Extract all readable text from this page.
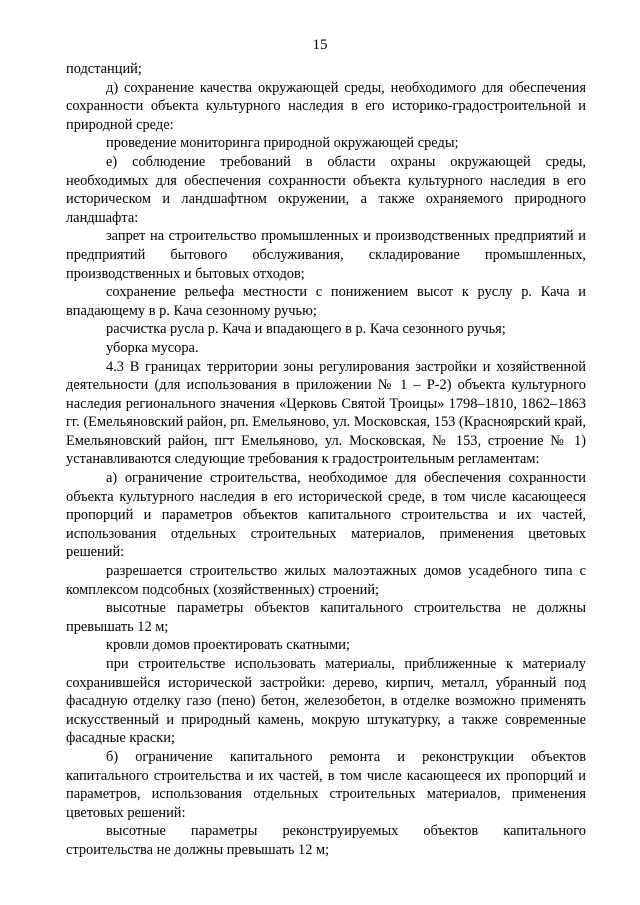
15

подстанций;

д) сохранение качества окружающей среды, необходимого для обеспечения сохранности объекта культурного наследия в его историко-градостроительной и природной среде:

проведение мониторинга природной окружающей среды;

е) соблюдение требований в области охраны окружающей среды, необходимых для обеспечения сохранности объекта культурного наследия в его историческом и ландшафтном окружении, а также охраняемого природного ландшафта:

запрет на строительство промышленных и производственных предприятий и предприятий бытового обслуживания, складирование промышленных, производственных и бытовых отходов;

сохранение рельефа местности с понижением высот к руслу р. Кача и впадающему в р. Кача сезонному ручью;

расчистка русла р. Кача и впадающего в р. Кача сезонного ручья;

уборка мусора.

4.3 В границах территории зоны регулирования застройки и хозяйственной деятельности (для использования в приложении № 1 – Р-2) объекта культурного наследия регионального значения «Церковь Святой Троицы» 1798–1810, 1862–1863 гг. (Емельяновский район, рп. Емельяново, ул. Московская, 153 (Красноярский край, Емельяновский район, пгт Емельяново, ул. Московская, № 153, строение № 1) устанавливаются следующие требования к градостроительным регламентам:

а) ограничение строительства, необходимое для обеспечения сохранности объекта культурного наследия в его исторической среде, в том числе касающееся пропорций и параметров объектов капитального строительства и их частей, использования отдельных строительных материалов, применения цветовых решений:

разрешается строительство жилых малоэтажных домов усадебного типа с комплексом подсобных (хозяйственных) строений;

высотные параметры объектов капитального строительства не должны превышать 12 м;

кровли домов проектировать скатными;

при строительстве использовать материалы, приближенные к материалу сохранившейся исторической застройки: дерево, кирпич, металл, убранный под фасадную отделку газо (пено) бетон, железобетон, в отделке возможно применять искусственный и природный камень, мокрую штукатурку, а также современные фасадные краски;

б) ограничение капитального ремонта и реконструкции объектов капитального строительства и их частей, в том числе касающееся их пропорций и параметров, использования отдельных строительных материалов, применения цветовых решений:

высотные параметры реконструируемых объектов капитального строительства не должны превышать 12 м;
